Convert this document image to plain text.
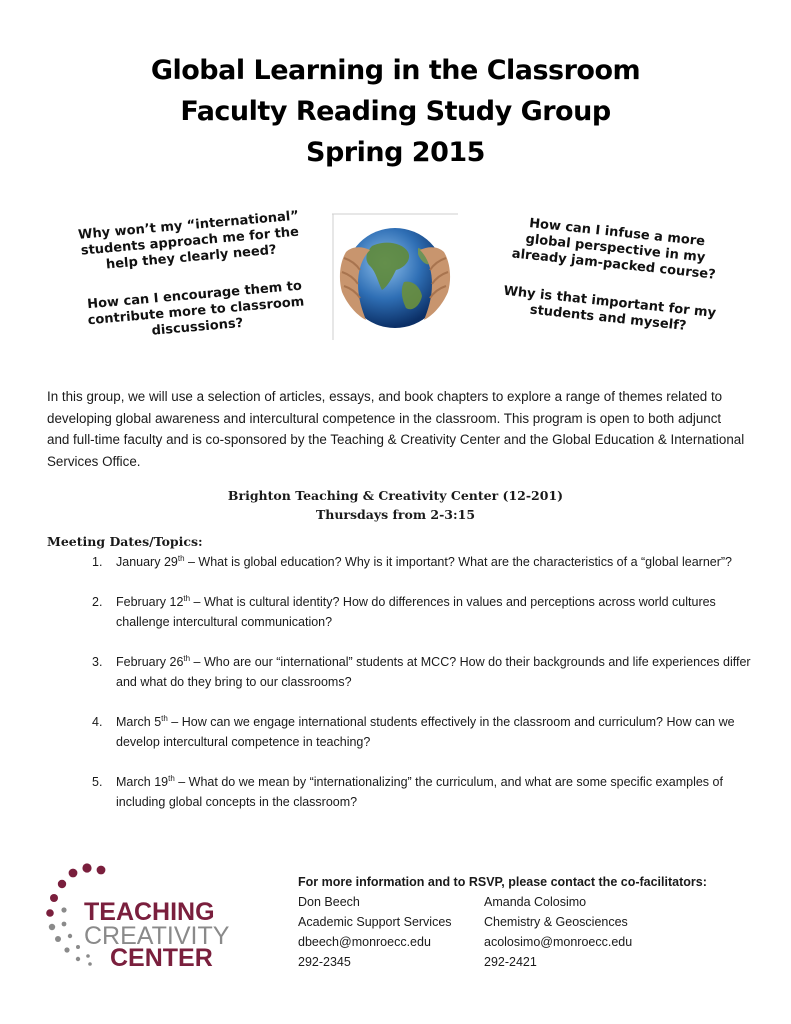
Global Learning in the Classroom
Faculty Reading Study Group
Spring 2015

Why won’t my “international” students approach me for the help they clearly need?

How can I encourage them to contribute more to classroom discussions?

How can I infuse a more global perspective in my already jam-packed course?

Why is that important for my students and myself?

In this group, we will use a selection of articles, essays, and book chapters to explore a range of themes related to developing global awareness and intercultural competence in the classroom. This program is open to both adjunct and full-time faculty and is co-sponsored by the Teaching & Creativity Center and the Global Education & International Services Office.
Brighton Teaching & Creativity Center (12-201)
Thursdays from 2-3:15
Meeting Dates/Topics:
1. January 29th – What is global education? Why is it important? What are the characteristics of a “global learner”?
2. February 12th – What is cultural identity? How do differences in values and perceptions across world cultures challenge intercultural communication?
3. February 26th – Who are our “international” students at MCC? How do their backgrounds and life experiences differ and what do they bring to our classrooms?
4. March 5th – How can we engage international students effectively in the classroom and curriculum? How can we develop intercultural competence in teaching?
5. March 19th – What do we mean by “internationalizing” the curriculum, and what are some specific examples of including global concepts in the classroom?
TEACHING
CREATIVITY
CENTER
For more information and to RSVP, please contact the co-facilitators:
Don Beech
Academic Support Services
dbeech@monroecc.edu
292-2345
Amanda Colosimo
Chemistry & Geosciences
acolosimo@monroecc.edu
292-2421
